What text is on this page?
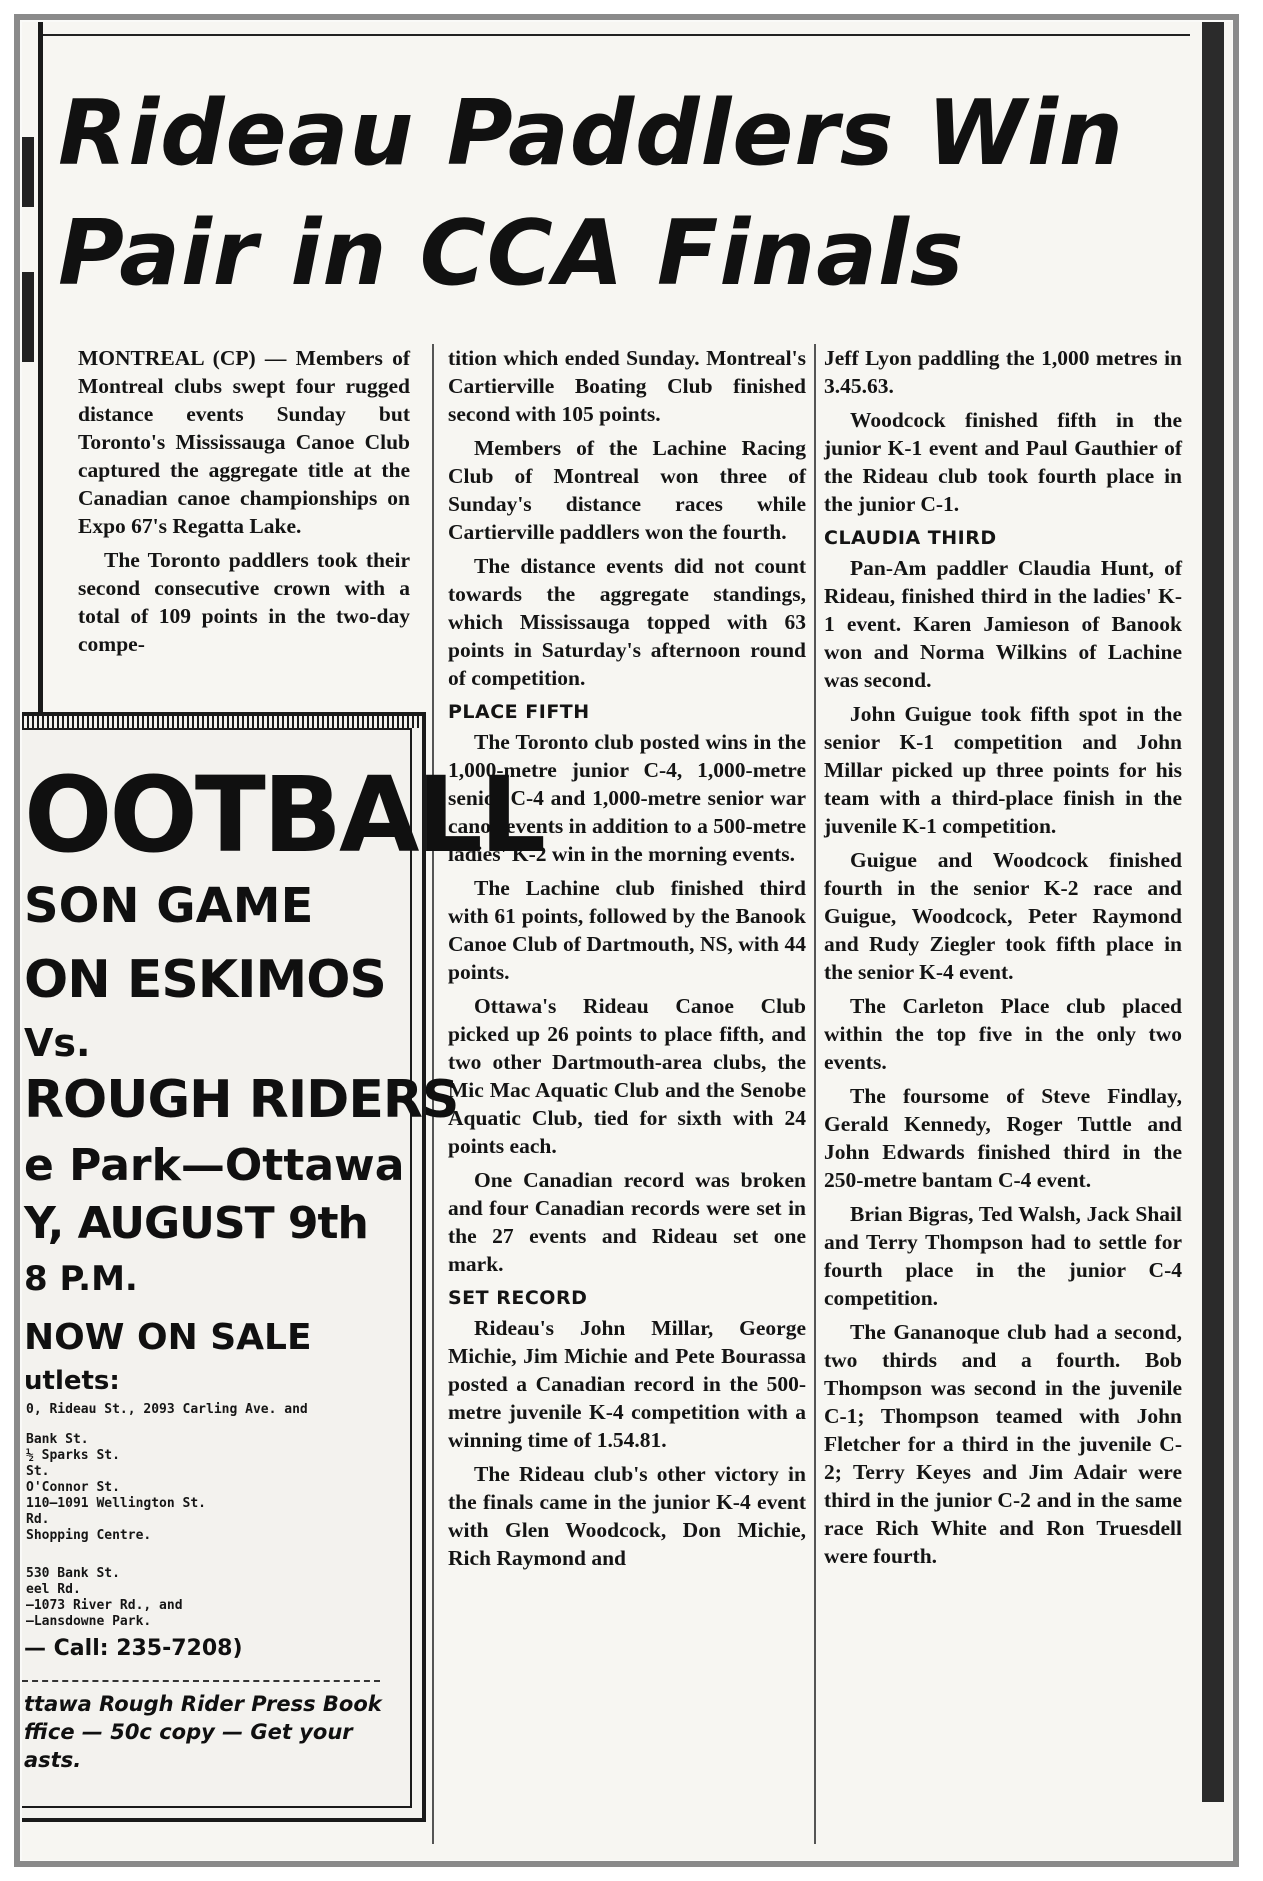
Rideau Paddlers Win
Pair in CCA Finals

MONTREAL (CP) — Members of Montreal clubs swept four rugged distance events Sunday but Toronto's Mississauga Canoe Club captured the aggregate title at the Canadian canoe championships on Expo 67's Regatta Lake.

The Toronto paddlers took their second consecutive crown with a total of 109 points in the two-day compe-

tition which ended Sunday. Montreal's Cartierville Boating Club finished second with 105 points.

Members of the Lachine Racing Club of Montreal won three of Sunday's distance races while Cartierville paddlers won the fourth.

The distance events did not count towards the aggregate standings, which Mississauga topped with 63 points in Saturday's afternoon round of competition.

PLACE FIFTH

The Toronto club posted wins in the 1,000-metre junior C-4, 1,000-metre senior C-4 and 1,000-metre senior war canoe events in addition to a 500-metre ladies' K-2 win in the morning events.

The Lachine club finished third with 61 points, followed by the Banook Canoe Club of Dartmouth, NS, with 44 points.

Ottawa's Rideau Canoe Club picked up 26 points to place fifth, and two other Dartmouth-area clubs, the Mic Mac Aquatic Club and the Senobe Aquatic Club, tied for sixth with 24 points each.

One Canadian record was broken and four Canadian records were set in the 27 events and Rideau set one mark.

SET RECORD

Rideau's John Millar, George Michie, Jim Michie and Pete Bourassa posted a Canadian record in the 500-metre juvenile K-4 competition with a winning time of 1.54.81.

The Rideau club's other victory in the finals came in the junior K-4 event with Glen Woodcock, Don Michie, Rich Raymond and

Jeff Lyon paddling the 1,000 metres in 3.45.63.

Woodcock finished fifth in the junior K-1 event and Paul Gauthier of the Rideau club took fourth place in the junior C-1.

CLAUDIA THIRD

Pan-Am paddler Claudia Hunt, of Rideau, finished third in the ladies' K-1 event. Karen Jamieson of Banook won and Norma Wilkins of Lachine was second.

John Guigue took fifth spot in the senior K-1 competition and John Millar picked up three points for his team with a third-place finish in the juvenile K-1 competition.

Guigue and Woodcock finished fourth in the senior K-2 race and Guigue, Woodcock, Peter Raymond and Rudy Ziegler took fifth place in the senior K-4 event.

The Carleton Place club placed within the top five in the only two events.

The foursome of Steve Findlay, Gerald Kennedy, Roger Tuttle and John Edwards finished third in the 250-metre bantam C-4 event.

Brian Bigras, Ted Walsh, Jack Shail and Terry Thompson had to settle for fourth place in the junior C-4 competition.

The Gananoque club had a second, two thirds and a fourth. Bob Thompson was second in the juvenile C-1; Thompson teamed with John Fletcher for a third in the juvenile C-2; Terry Keyes and Jim Adair were third in the junior C-2 and in the same race Rich White and Ron Truesdell were fourth.

OOTBALL

SON GAME

ON ESKIMOS

Vs.

ROUGH RIDERS

e Park—Ottawa

Y, AUGUST 9th

8 P.M.

NOW ON SALE

utlets:

0, Rideau St., 2093 Carling Ave. and

Bank St.

½ Sparks St.

St.

O'Connor St.

110—1091 Wellington St.

Rd.

Shopping Centre.

530 Bank St.

eel Rd.

—1073 River Rd., and

—Lansdowne Park.

— Call: 235-7208)

ttawa Rough Rider Press Book

ffice — 50c copy — Get your

asts.
